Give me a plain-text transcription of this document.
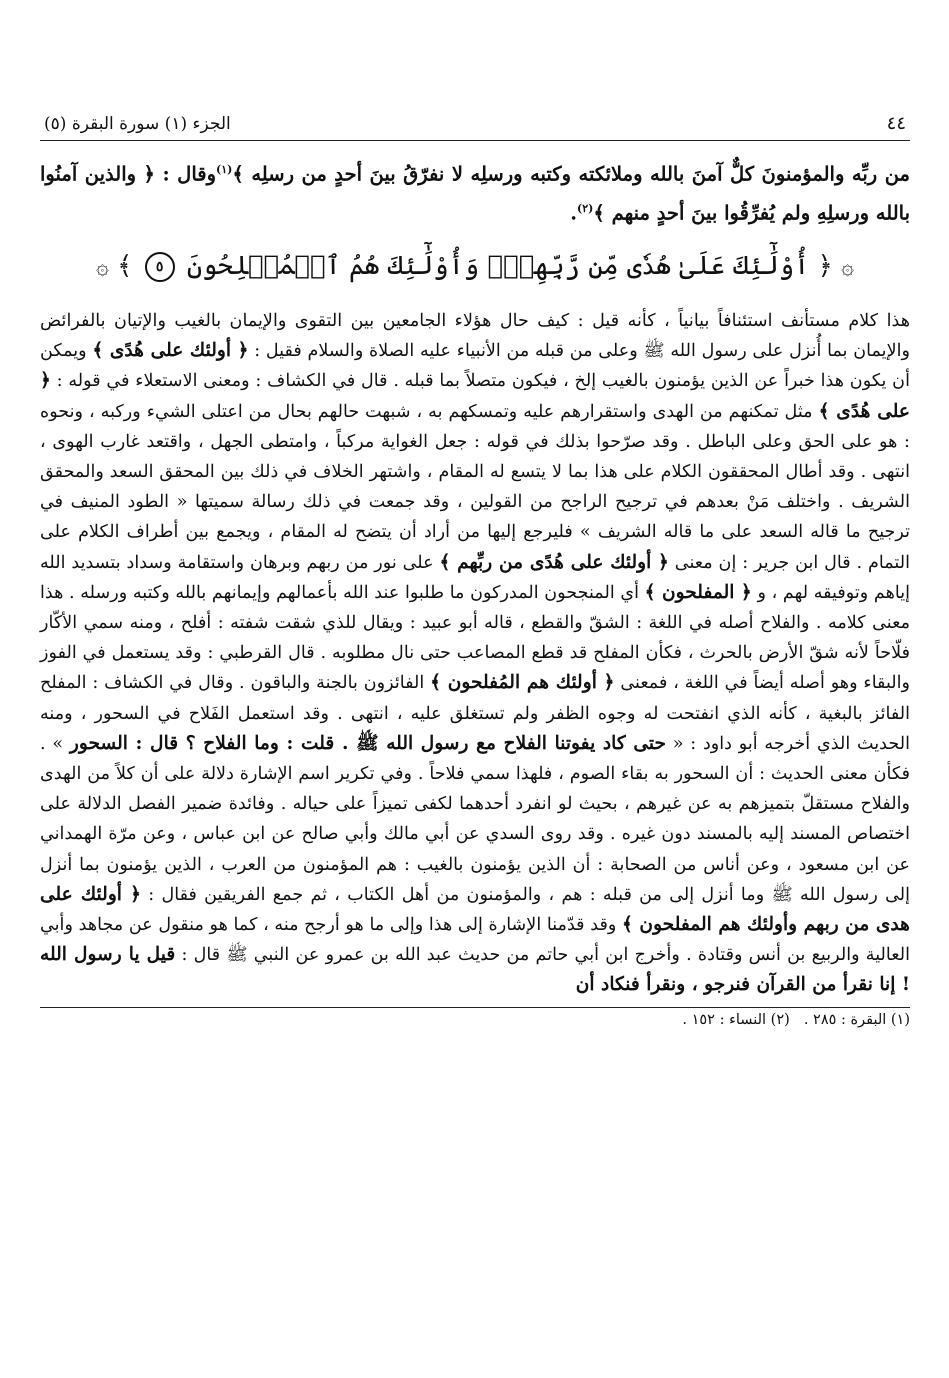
٤٤
الجزء (١) سورة البقرة (٥)
من ربِّه والمؤمنونَ كلٌّ آمنَ بالله وملائكته وكتبه ورسلِه لا نفرّقُ بينَ أحدٍ من رسلِه ﴾$^{(١)}$وقال : ﴿ والذين آمنُوا بالله ورسلِهِ ولم يُفرِّقُوا بينَ أحدٍ منهم ﴾$^{(٢)}$.
۞ ﴿ أُوْلَٰٓئِكَ عَلَىٰ هُدٗى مِّن رَّبِّهِمۡۖ وَأُوْلَٰٓئِكَ هُمُ ٱلۡمُفۡلِحُونَ ٥ ﴾ ۞
هذا كلام مستأنف استئنافاً بيانياً ، كأنه قيل : كيف حال هؤلاء الجامعين بين التقوى والإيمان بالغيب والإتيان بالفرائض والإيمان بما أُنزل على رسول الله ﷺ وعلى من قبله من الأنبياء عليه الصلاة والسلام فقيل : ﴿ أولئك على هُدًى ﴾ ويمكن أن يكون هذا خبراً عن الذين يؤمنون بالغيب إلخ ، فيكون متصلاً بما قبله . قال في الكشاف : ومعنى الاستعلاء في قوله : ﴿ على هُدًى ﴾ مثل تمكنهم من الهدى واستقرارهم عليه وتمسكهم به ، شبهت حالهم بحال من اعتلى الشيء وركبه ، ونحوه : هو على الحق وعلى الباطل . وقد صرّحوا بذلك في قوله : جعل الغواية مركباً ، وامتطى الجهل ، واقتعد غارب الهوى ، انتهى . وقد أطال المحققون الكلام على هذا بما لا يتسع له المقام ، واشتهر الخلاف في ذلك بين المحقق السعد والمحقق الشريف . واختلف مَنْ بعدهم في ترجيح الراجح من القولين ، وقد جمعت في ذلك رسالة سميتها « الطود المنيف في ترجيح ما قاله السعد على ما قاله الشريف » فليرجع إليها من أراد أن يتضح له المقام ، ويجمع بين أطراف الكلام على التمام . قال ابن جرير : إن معنى ﴿ أولئك على هُدًى من ربِّهم ﴾ على نور من ربهم وبرهان واستقامة وسداد بتسديد الله إياهم وتوفيقه لهم ، و ﴿ المفلحون ﴾ أي المنجحون المدركون ما طلبوا عند الله بأعمالهم وإيمانهم بالله وكتبه ورسله . هذا معنى كلامه . والفلاح أصله في اللغة : الشقّ والقطع ، قاله أبو عبيد : ويقال للذي شقت شفته : أفلح ، ومنه سمي الأكّار فلّاحاً لأنه شقّ الأرض بالحرث ، فكأن المفلح قد قطع المصاعب حتى نال مطلوبه . قال القرطبي : وقد يستعمل في الفوز والبقاء وهو أصله أيضاً في اللغة ، فمعنى ﴿ أولئك هم المُفلحون ﴾ الفائزون بالجنة والباقون . وقال في الكشاف : المفلح الفائز بالبغية ، كأنه الذي انفتحت له وجوه الظفر ولم تستغلق عليه ، انتهى . وقد استعمل الفَلاح في السحور ، ومنه الحديث الذي أخرجه أبو داود : « حتى كاد يفوتنا الفلاح مع رسول الله ﷺ . قلت : وما الفلاح ؟ قال : السحور » . فكأن معنى الحديث : أن السحور به بقاء الصوم ، فلهذا سمي فلاحاً . وفي تكرير اسم الإشارة دلالة على أن كلاً من الهدى والفلاح مستقلّ بتميزهم به عن غيرهم ، بحيث لو انفرد أحدهما لكفى تميزاً على حياله . وفائدة ضمير الفصل الدلالة على اختصاص المسند إليه بالمسند دون غيره . وقد روى السدي عن أبي مالك وأبي صالح عن ابن عباس ، وعن مرّة الهمداني عن ابن مسعود ، وعن أناس من الصحابة : أن الذين يؤمنون بالغيب : هم المؤمنون من العرب ، الذين يؤمنون بما أنزل إلى رسول الله ﷺ وما أنزل إلى من قبله : هم ، والمؤمنون من أهل الكتاب ، ثم جمع الفريقين فقال : ﴿ أولئك على هدى من ربهم وأولئك هم المفلحون ﴾ وقد قدّمنا الإشارة إلى هذا وإلى ما هو أرجح منه ، كما هو منقول عن مجاهد وأبي العالية والربيع بن أنس وقتادة . وأخرج ابن أبي حاتم من حديث عبد الله بن عمرو عن النبي ﷺ قال : قيل يا رسول الله ! إنا نقرأ من القرآن فنرجو ، ونقرأ فنكاد أن
(١) البقرة : ٢٨٥ .
(٢) النساء : ١٥٢ .
